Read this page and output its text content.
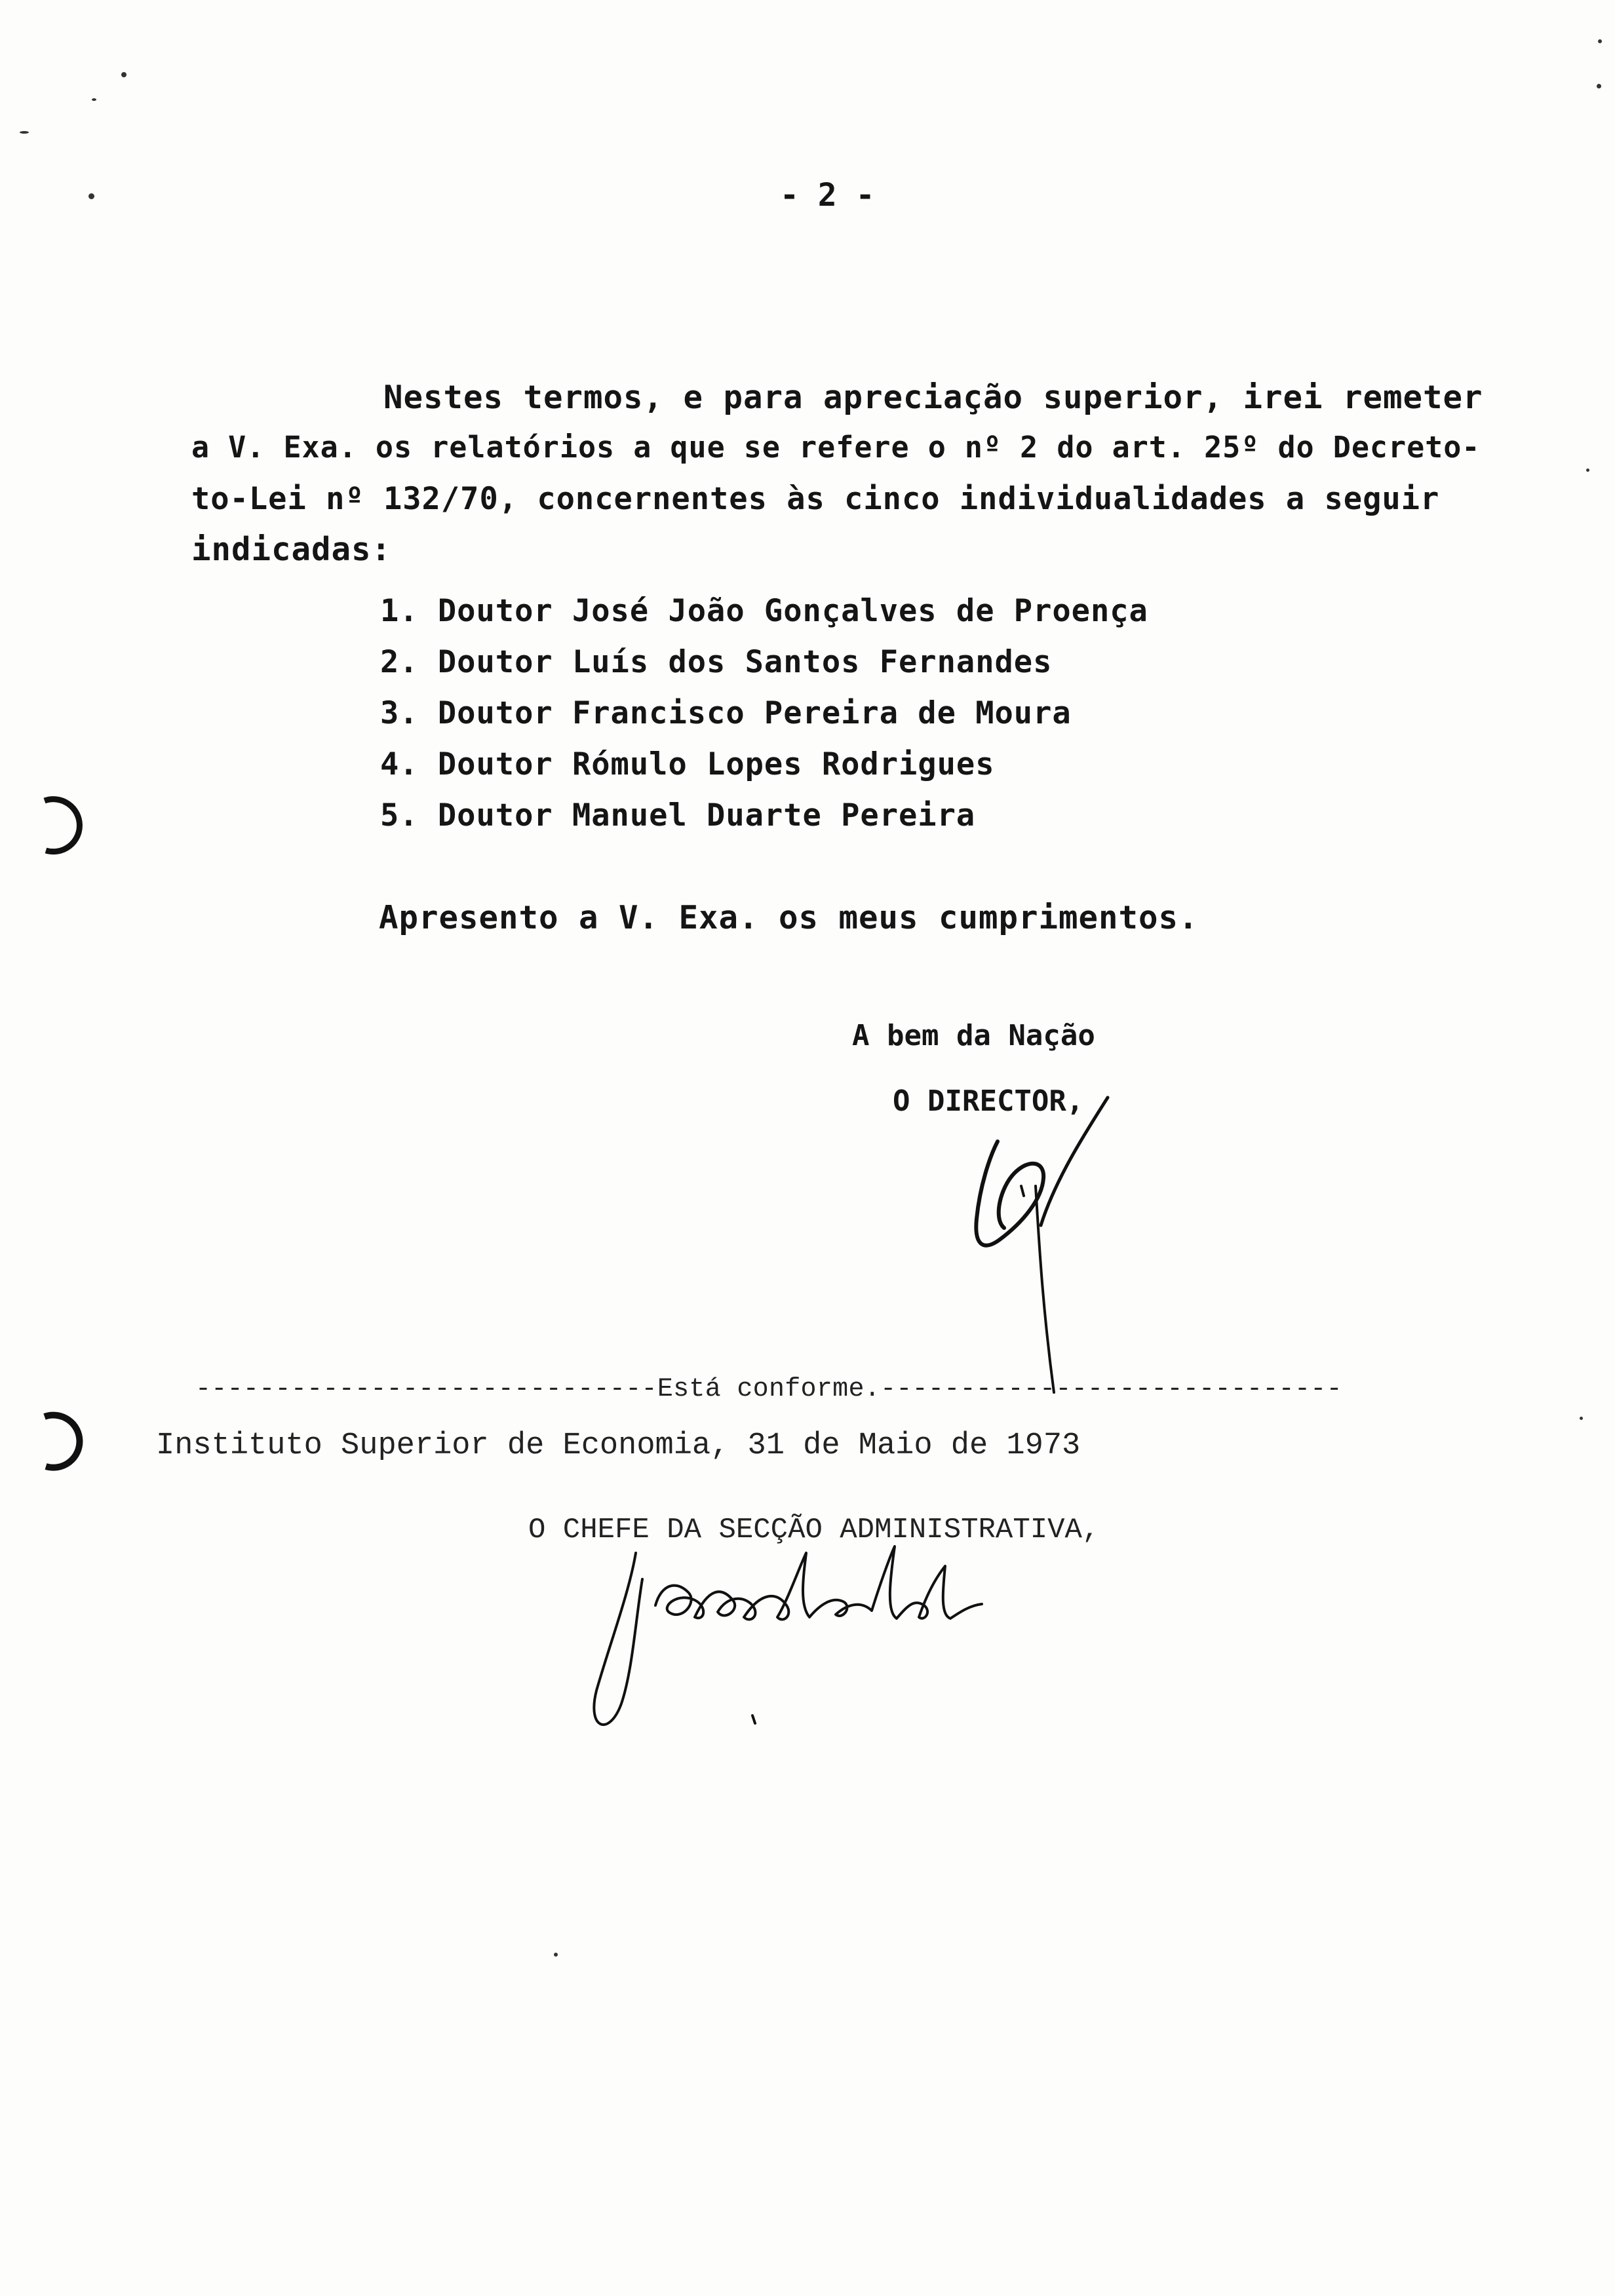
- 2 -
Nestes termos, e para apreciação superior, irei remeter
a V. Exa. os relatórios a que se refere o nº 2 do art. 25º do Decreto-
to-Lei nº 132/70, concernentes às cinco individualidades a seguir
indicadas:
1. Doutor José João Gonçalves de Proença
2. Doutor Luís dos Santos Fernandes
3. Doutor Francisco Pereira de Moura
4. Doutor Rómulo Lopes Rodrigues
5. Doutor Manuel Duarte Pereira
Apresento a V. Exa. os meus cumprimentos.
A bem da Nação
O DIRECTOR,
-----------------------------Está conforme.-----------------------------
Instituto Superior de Economia, 31 de Maio de 1973
O CHEFE DA SECÇÃO ADMINISTRATIVA,
